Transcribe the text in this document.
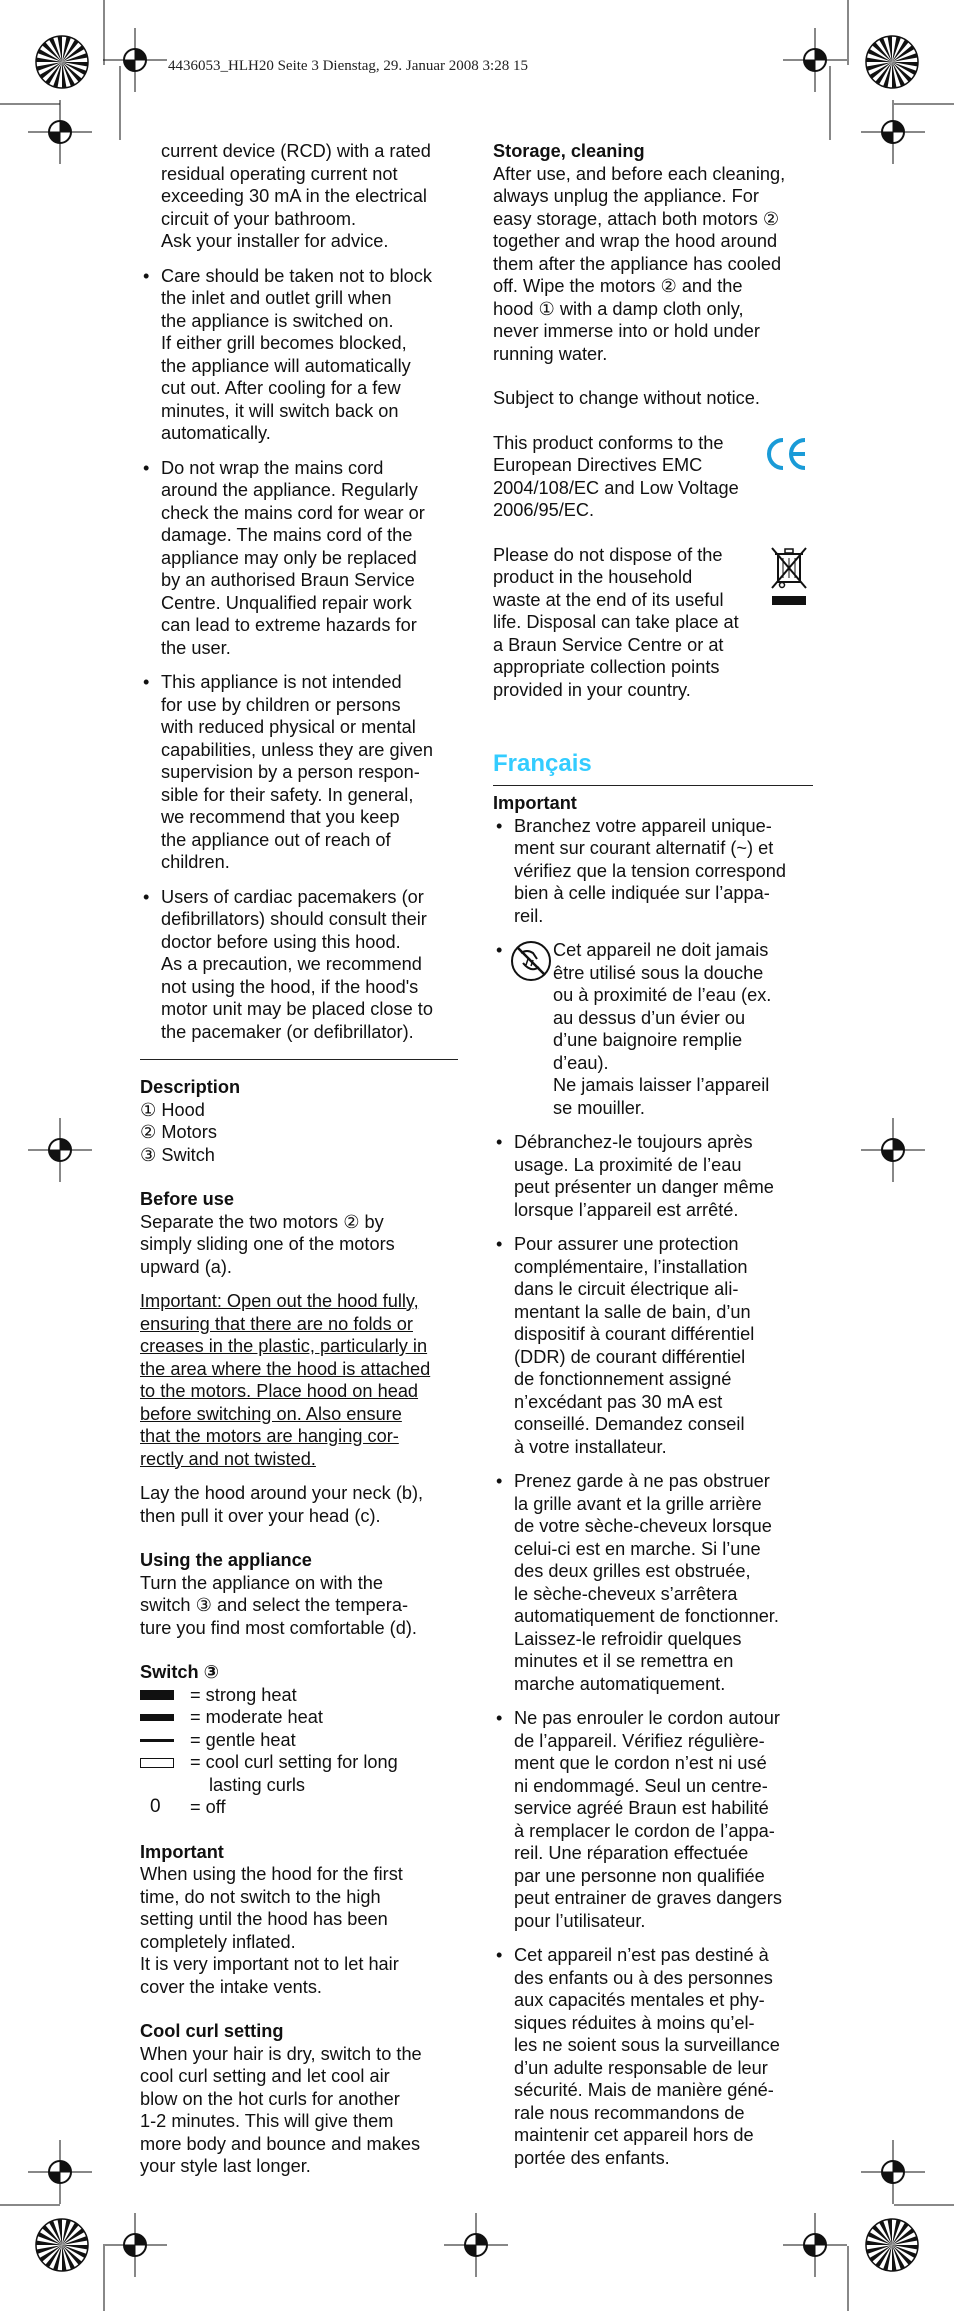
4436053_HLH20 Seite 3 Dienstag, 29. Januar 2008 3:28 15
current device (RCD) with a rated
residual operating current not
exceeding 30 mA in the electrical
circuit of your bathroom.
Ask your installer for advice.
• Care should be taken not to block
the inlet and outlet grill when
the appliance is switched on.
If either grill becomes blocked,
the appliance will automatically
cut out. After cooling for a few
minutes, it will switch back on
automatically.
• Do not wrap the mains cord
around the appliance. Regularly
check the mains cord for wear or
damage. The mains cord of the
appliance may only be replaced
by an authorised Braun Service
Centre. Unqualified repair work
can lead to extreme hazards for
the user.
• This appliance is not intended
for use by children or persons
with reduced physical or mental
capabilities, unless they are given
supervision by a person respon-
sible for their safety. In general,
we recommend that you keep
the appliance out of reach of
children.
• Users of cardiac pacemakers (or
defibrillators) should consult their
doctor before using this hood.
As a precaution, we recommend
not using the hood, if the hood's
motor unit may be placed close to
the pacemaker (or defibrillator).
Description
① Hood
② Motors
③ Switch
Before use
Separate the two motors ② by
simply sliding one of the motors
upward (a).
Important: Open out the hood fully,
ensuring that there are no folds or
creases in the plastic, particularly in
the area where the hood is attached
to the motors. Place hood on head
before switching on. Also ensure
that the motors are hanging cor-
rectly and not twisted.
Lay the hood around your neck (b),
then pull it over your head (c).
Using the appliance
Turn the appliance on with the
switch ③ and select the tempera-
ture you find most comfortable (d).
Switch ③
= strong heat
= moderate heat
= gentle heat
= cool curl setting for long
lasting curls
0 = off
Important
When using the hood for the first
time, do not switch to the high
setting until the hood has been
completely inflated.
It is very important not to let hair
cover the intake vents.
Cool curl setting
When your hair is dry, switch to the
cool curl setting and let cool air
blow on the hot curls for another
1-2 minutes. This will give them
more body and bounce and makes
your style last longer.
Storage, cleaning
After use, and before each cleaning,
always unplug the appliance. For
easy storage, attach both motors ②
together and wrap the hood around
them after the appliance has cooled
off. Wipe the motors ② and the
hood ① with a damp cloth only,
never immerse into or hold under
running water.
Subject to change without notice.
This product conforms to the
European Directives EMC
2004/108/EC and Low Voltage
2006/95/EC.
Please do not dispose of the
product in the household
waste at the end of its useful
life. Disposal can take place at
a Braun Service Centre or at
appropriate collection points
provided in your country.
Français
Important
• Branchez votre appareil unique-
ment sur courant alternatif (~) et
vérifiez que la tension correspond
bien à celle indiquée sur l’appa-
reil.
• Cet appareil ne doit jamais
être utilisé sous la douche
ou à proximité de l’eau (ex.
au dessus d’un évier ou
d’une baignoire remplie
d’eau).
Ne jamais laisser l’appareil
se mouiller.
• Débranchez-le toujours après
usage. La proximité de l’eau
peut présenter un danger même
lorsque l’appareil est arrêté.
• Pour assurer une protection
complémentaire, l’installation
dans le circuit électrique ali-
mentant la salle de bain, d’un
dispositif à courant différentiel
(DDR) de courant différentiel
de fonctionnement assigné
n’excédant pas 30 mA est
conseillé. Demandez conseil
à votre installateur.
• Prenez garde à ne pas obstruer
la grille avant et la grille arrière
de votre sèche-cheveux lorsque
celui-ci est en marche. Si l’une
des deux grilles est obstruée,
le sèche-cheveux s’arrêtera
automatiquement de fonctionner.
Laissez-le refroidir quelques
minutes et il se remettra en
marche automatiquement.
• Ne pas enrouler le cordon autour
de l’appareil. Vérifiez régulière-
ment que le cordon n’est ni usé
ni endommagé. Seul un centre-
service agréé Braun est habilité
à remplacer le cordon de l’appa-
reil. Une réparation effectuée
par une personne non qualifiée
peut entrainer de graves dangers
pour l’utilisateur.
• Cet appareil n’est pas destiné à
des enfants ou à des personnes
aux capacités mentales et phy-
siques réduites à moins qu’el-
les ne soient sous la surveillance
d’un adulte responsable de leur
sécurité. Mais de manière géné-
rale nous recommandons de
maintenir cet appareil hors de
portée des enfants.
